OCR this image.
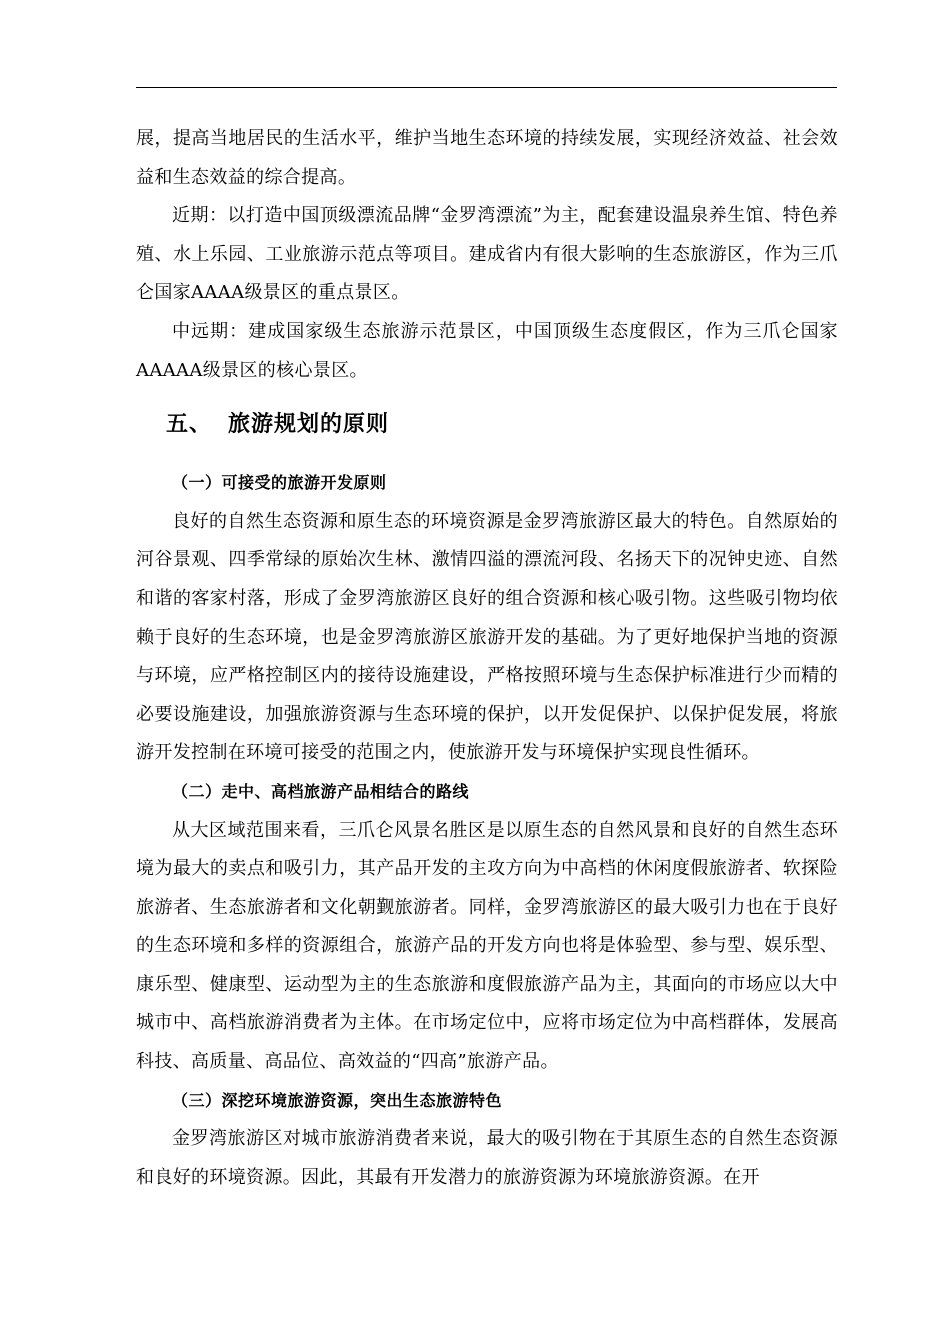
展，提高当地居民的生活水平，维护当地生态环境的持续发展，实现经济效益、社会效益和生态效益的综合提高。

近期：以打造中国顶级漂流品牌“金罗湾漂流”为主，配套建设温泉养生馆、特色养殖、水上乐园、工业旅游示范点等项目。建成省内有很大影响的生态旅游区，作为三爪仑国家AAAA级景区的重点景区。

中远期：建成国家级生态旅游示范景区，中国顶级生态度假区，作为三爪仑国家AAAAA级景区的核心景区。

五、 旅游规划的原则
（一）可接受的旅游开发原则

良好的自然生态资源和原生态的环境资源是金罗湾旅游区最大的特色。自然原始的河谷景观、四季常绿的原始次生林、激情四溢的漂流河段、名扬天下的况钟史迹、自然和谐的客家村落，形成了金罗湾旅游区良好的组合资源和核心吸引物。这些吸引物均依赖于良好的生态环境，也是金罗湾旅游区旅游开发的基础。为了更好地保护当地的资源与环境，应严格控制区内的接待设施建设，严格按照环境与生态保护标准进行少而精的必要设施建设，加强旅游资源与生态环境的保护，以开发促保护、以保护促发展，将旅游开发控制在环境可接受的范围之内，使旅游开发与环境保护实现良性循环。

（二）走中、高档旅游产品相结合的路线

从大区域范围来看，三爪仑风景名胜区是以原生态的自然风景和良好的自然生态环境为最大的卖点和吸引力，其产品开发的主攻方向为中高档的休闲度假旅游者、软探险旅游者、生态旅游者和文化朝觐旅游者。同样，金罗湾旅游区的最大吸引力也在于良好的生态环境和多样的资源组合，旅游产品的开发方向也将是体验型、参与型、娱乐型、康乐型、健康型、运动型为主的生态旅游和度假旅游产品为主，其面向的市场应以大中城市中、高档旅游消费者为主体。在市场定位中，应将市场定位为中高档群体，发展高科技、高质量、高品位、高效益的“四高”旅游产品。

（三）深挖环境旅游资源，突出生态旅游特色

金罗湾旅游区对城市旅游消费者来说，最大的吸引物在于其原生态的自然生态资源和良好的环境资源。因此，其最有开发潜力的旅游资源为环境旅游资源。在开
